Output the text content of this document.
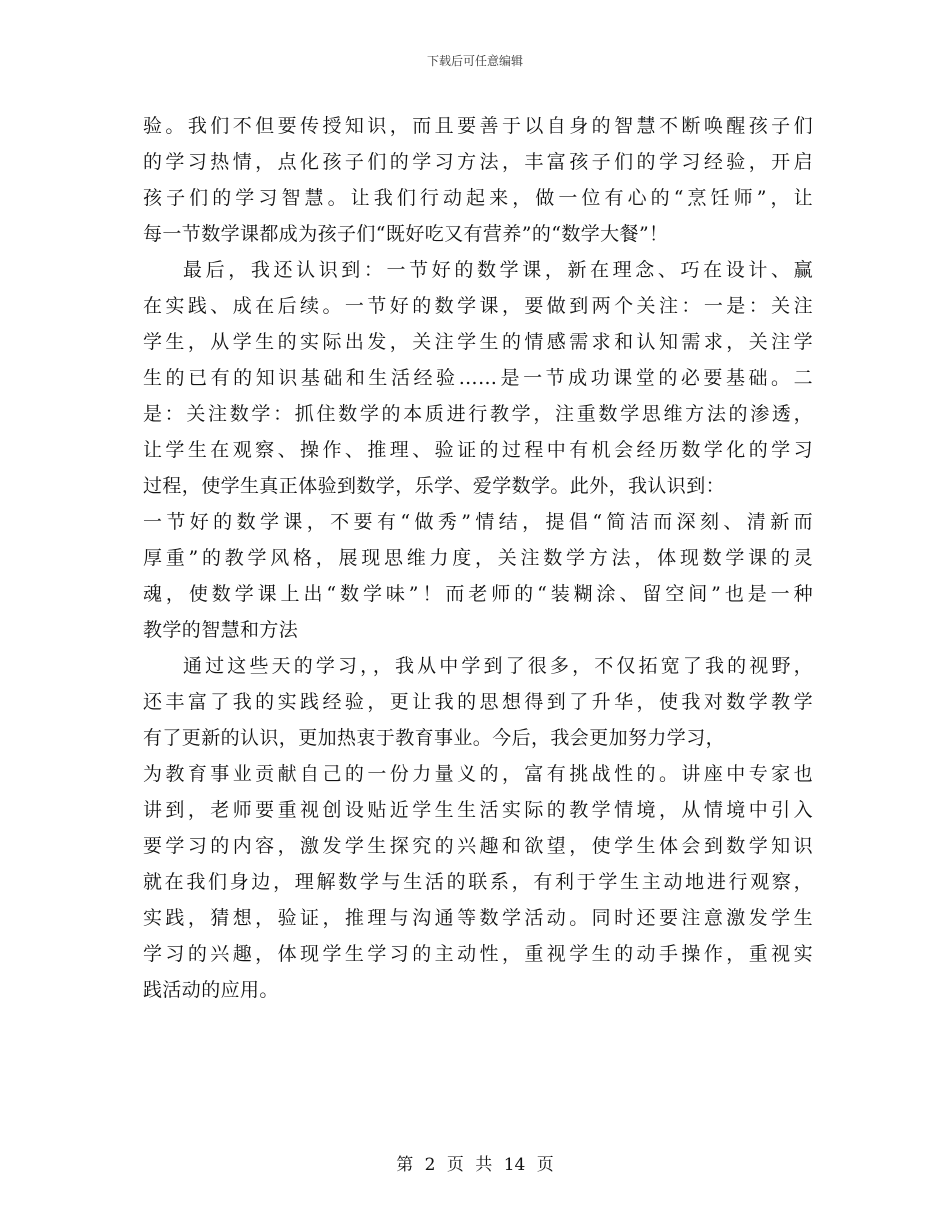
下载后可任意编辑
验。我们不但要传授知识，而且要善于以自身的智慧不断唤醒孩子们
的学习热情，点化孩子们的学习方法，丰富孩子们的学习经验，开启
孩子们的学习智慧。让我们行动起来，做一位有心的“烹饪师”，让
每一节数学课都成为孩子们“既好吃又有营养”的“数学大餐”！
最后，我还认识到：一节好的数学课，新在理念、巧在设计、赢
在实践、成在后续。一节好的数学课，要做到两个关注：一是：关注
学生，从学生的实际出发，关注学生的情感需求和认知需求，关注学
生的已有的知识基础和生活经验……是一节成功课堂的必要基础。二
是：关注数学：抓住数学的本质进行教学，注重数学思维方法的渗透，
让学生在观察、操作、推理、验证的过程中有机会经历数学化的学习
过程，使学生真正体验到数学，乐学、爱学数学。此外，我认识到：
一节好的数学课，不要有“做秀”情结，提倡“简洁而深刻、清新而
厚重”的教学风格，展现思维力度，关注数学方法，体现数学课的灵
魂，使数学课上出“数学味”！而老师的“装糊涂、留空间”也是一种
教学的智慧和方法
通过这些天的学习，，我从中学到了很多，不仅拓宽了我的视野，
还丰富了我的实践经验，更让我的思想得到了升华，使我对数学教学
有了更新的认识，更加热衷于教育事业。今后，我会更加努力学习，
为教育事业贡献自己的一份力量义的，富有挑战性的。讲座中专家也
讲到，老师要重视创设贴近学生生活实际的教学情境，从情境中引入
要学习的内容，激发学生探究的兴趣和欲望，使学生体会到数学知识
就在我们身边，理解数学与生活的联系，有利于学生主动地进行观察，
实践，猜想，验证，推理与沟通等数学活动。同时还要注意激发学生
学习的兴趣，体现学生学习的主动性，重视学生的动手操作，重视实
践活动的应用。
第 2 页 共 14 页
